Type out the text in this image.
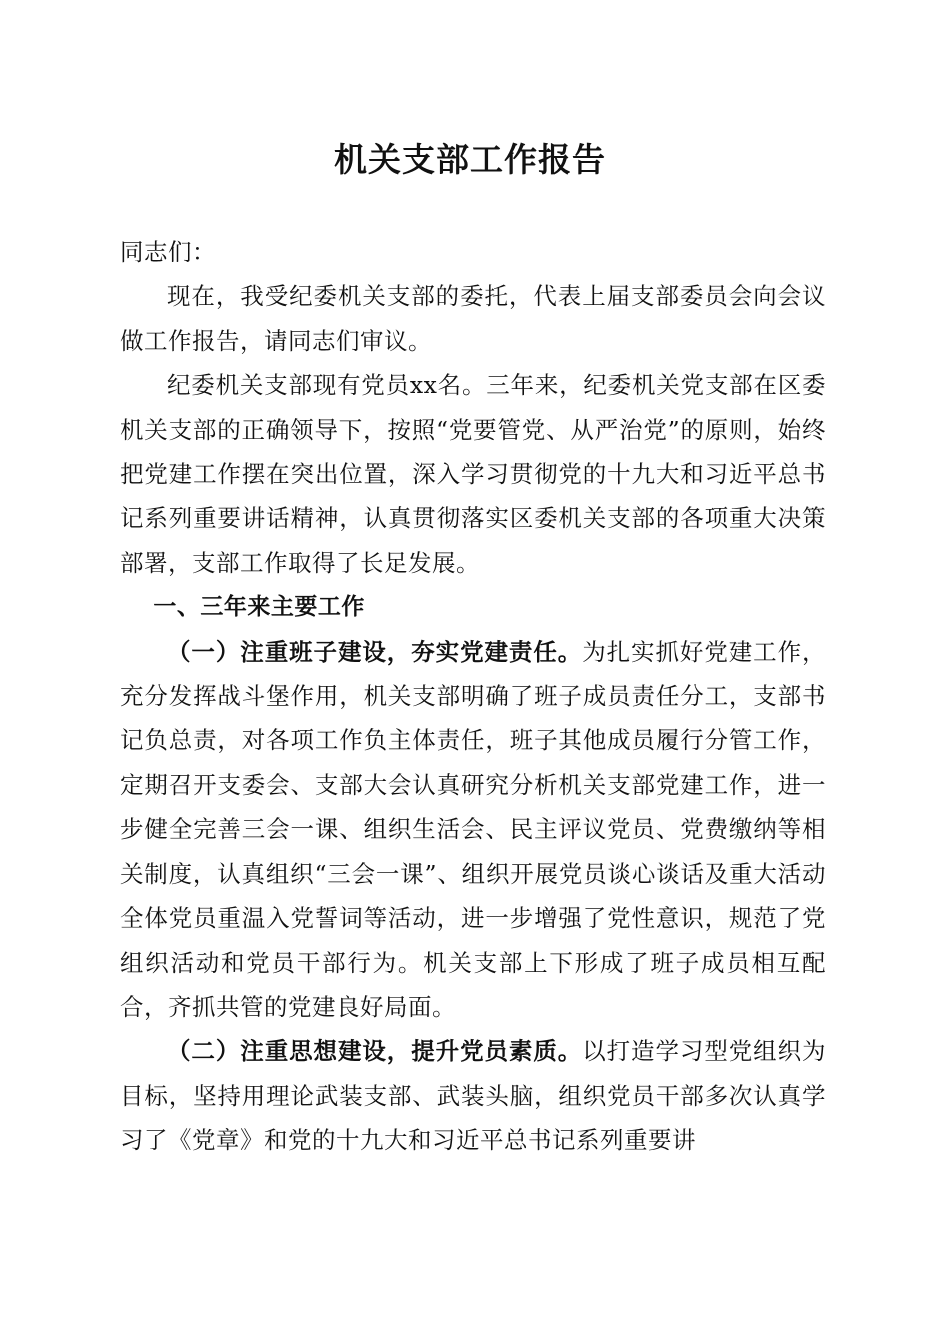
机关支部工作报告

同志们：

现在，我受纪委机关支部的委托，代表上届支部委员会向会议做工作报告，请同志们审议。

纪委机关支部现有党员xx名。三年来，纪委机关党支部在区委机关支部的正确领导下，按照“党要管党、从严治党”的原则，始终把党建工作摆在突出位置，深入学习贯彻党的十九大和习近平总书记系列重要讲话精神，认真贯彻落实区委机关支部的各项重大决策部署，支部工作取得了长足发展。

一、三年来主要工作

（一）注重班子建设，夯实党建责任。为扎实抓好党建工作，充分发挥战斗堡作用，机关支部明确了班子成员责任分工，支部书记负总责，对各项工作负主体责任，班子其他成员履行分管工作，定期召开支委会、支部大会认真研究分析机关支部党建工作，进一步健全完善三会一课、组织生活会、民主评议党员、党费缴纳等相关制度，认真组织“三会一课”、组织开展党员谈心谈话及重大活动全体党员重温入党誓词等活动，进一步增强了党性意识，规范了党组织活动和党员干部行为。机关支部上下形成了班子成员相互配合，齐抓共管的党建良好局面。

（二）注重思想建设，提升党员素质。以打造学习型党组织为目标，坚持用理论武装支部、武装头脑，组织党员干部多次认真学习了《党章》和党的十九大和习近平总书记系列重要讲
